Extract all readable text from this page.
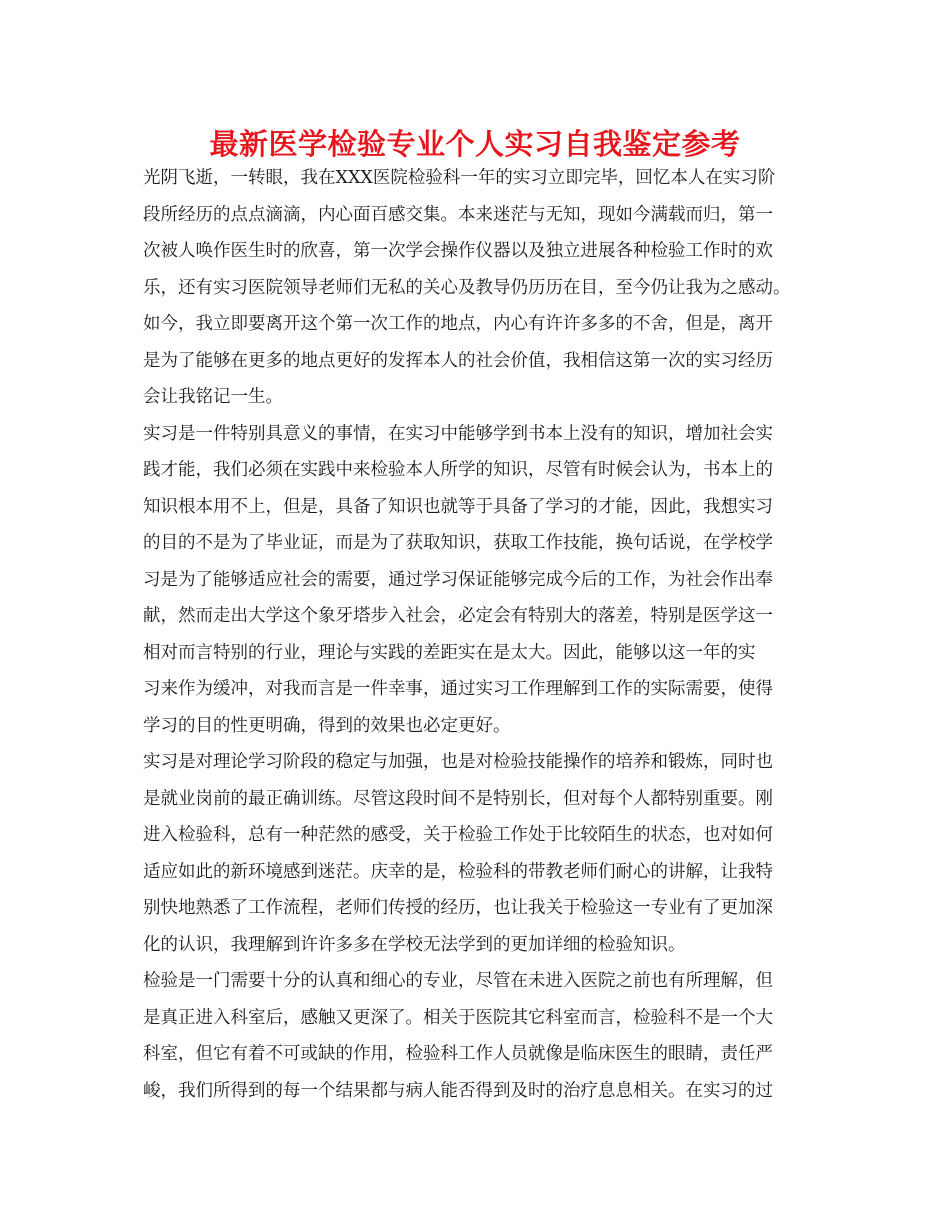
最新医学检验专业个人实习自我鉴定参考
光阴飞逝，一转眼，我在XXX医院检验科一年的实习立即完毕，回忆本人在实习阶
段所经历的点点滴滴，内心面百感交集。本来迷茫与无知，现如今满载而归，第一
次被人唤作医生时的欣喜，第一次学会操作仪器以及独立进展各种检验工作时的欢
乐，还有实习医院领导老师们无私的关心及教导仍历历在目，至今仍让我为之感动。
如今，我立即要离开这个第一次工作的地点，内心有许许多多的不舍，但是，离开
是为了能够在更多的地点更好的发挥本人的社会价值，我相信这第一次的实习经历
会让我铭记一生。
实习是一件特别具意义的事情，在实习中能够学到书本上没有的知识，增加社会实
践才能，我们必须在实践中来检验本人所学的知识，尽管有时候会认为，书本上的
知识根本用不上，但是，具备了知识也就等于具备了学习的才能，因此，我想实习
的目的不是为了毕业证，而是为了获取知识，获取工作技能，换句话说，在学校学
习是为了能够适应社会的需要，通过学习保证能够完成今后的工作，为社会作出奉
献，然而走出大学这个象牙塔步入社会，必定会有特别大的落差，特别是医学这一
相对而言特别的行业，理论与实践的差距实在是太大。因此，能够以这一年的实
习来作为缓冲，对我而言是一件幸事，通过实习工作理解到工作的实际需要，使得
学习的目的性更明确，得到的效果也必定更好。
实习是对理论学习阶段的稳定与加强，也是对检验技能操作的培养和锻炼，同时也
是就业岗前的最正确训练。尽管这段时间不是特别长，但对每个人都特别重要。刚
进入检验科，总有一种茫然的感受，关于检验工作处于比较陌生的状态，也对如何
适应如此的新环境感到迷茫。庆幸的是，检验科的带教老师们耐心的讲解，让我特
别快地熟悉了工作流程，老师们传授的经历，也让我关于检验这一专业有了更加深
化的认识，我理解到许许多多在学校无法学到的更加详细的检验知识。
检验是一门需要十分的认真和细心的专业，尽管在未进入医院之前也有所理解，但
是真正进入科室后，感触又更深了。相关于医院其它科室而言，检验科不是一个大
科室，但它有着不可或缺的作用，检验科工作人员就像是临床医生的眼睛，责任严
峻，我们所得到的每一个结果都与病人能否得到及时的治疗息息相关。在实习的过
